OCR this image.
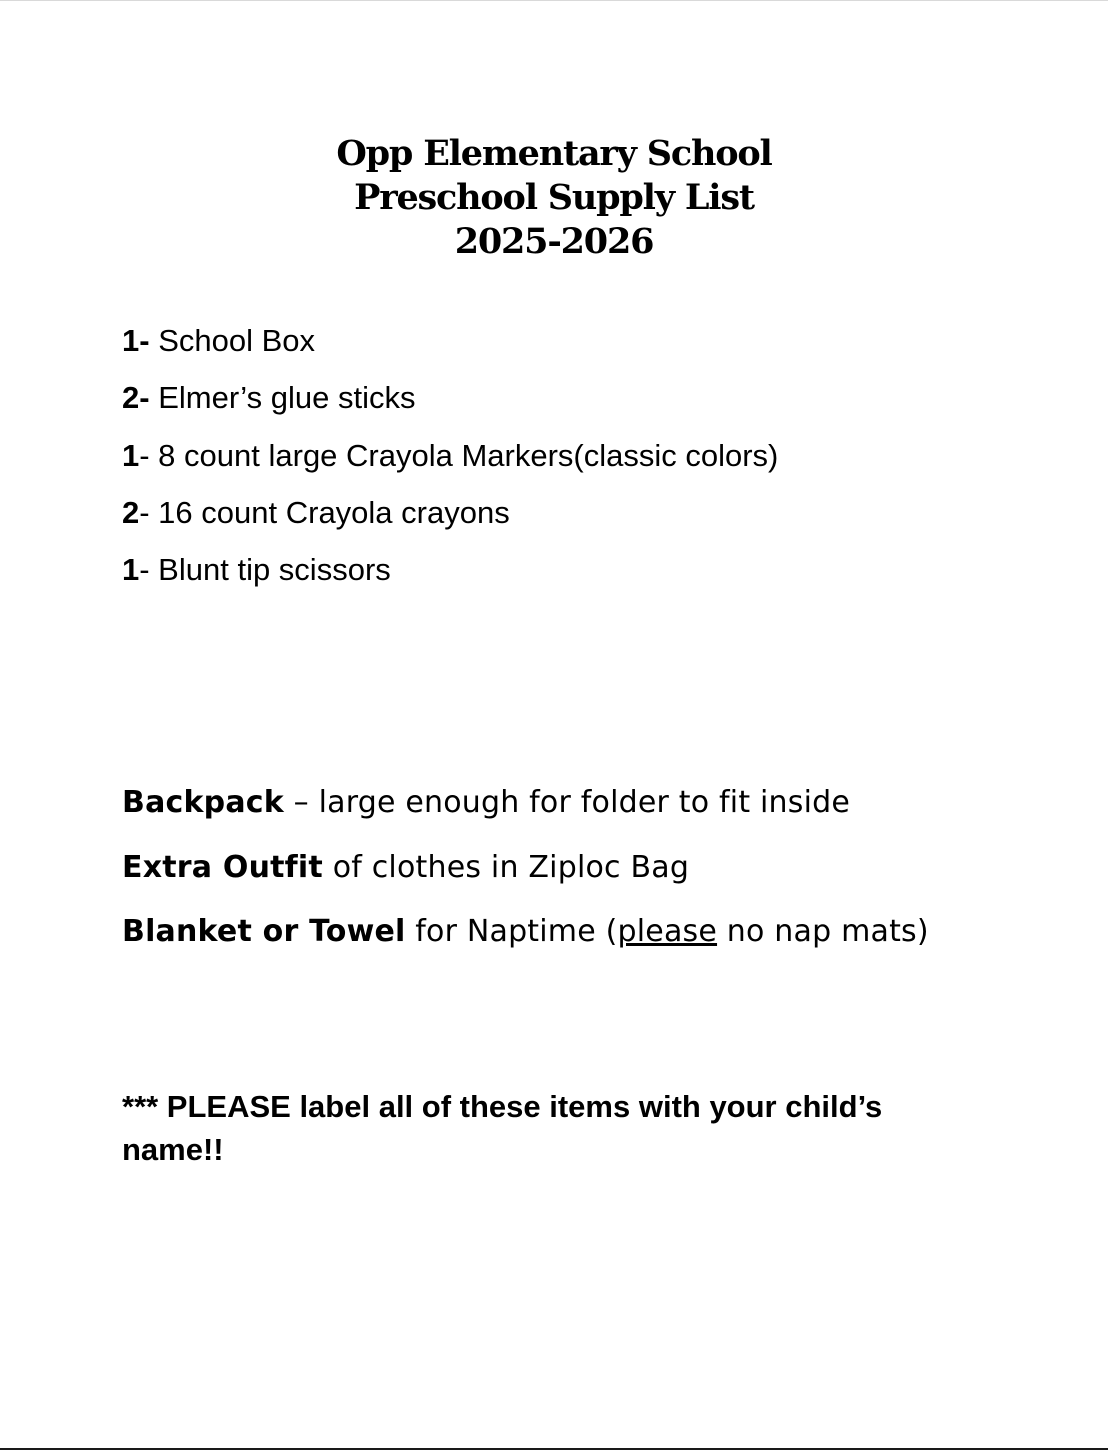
Opp Elementary School
Preschool Supply List
2025-2026
1- School Box
2- Elmer’s glue sticks
1- 8 count large Crayola Markers(classic colors)
2- 16 count Crayola crayons
1- Blunt tip scissors
Backpack – large enough for folder to fit inside
Extra Outfit of clothes in Ziploc Bag
Blanket or Towel for Naptime (please no nap mats)

*** PLEASE label all of these items with your child’s name!!
